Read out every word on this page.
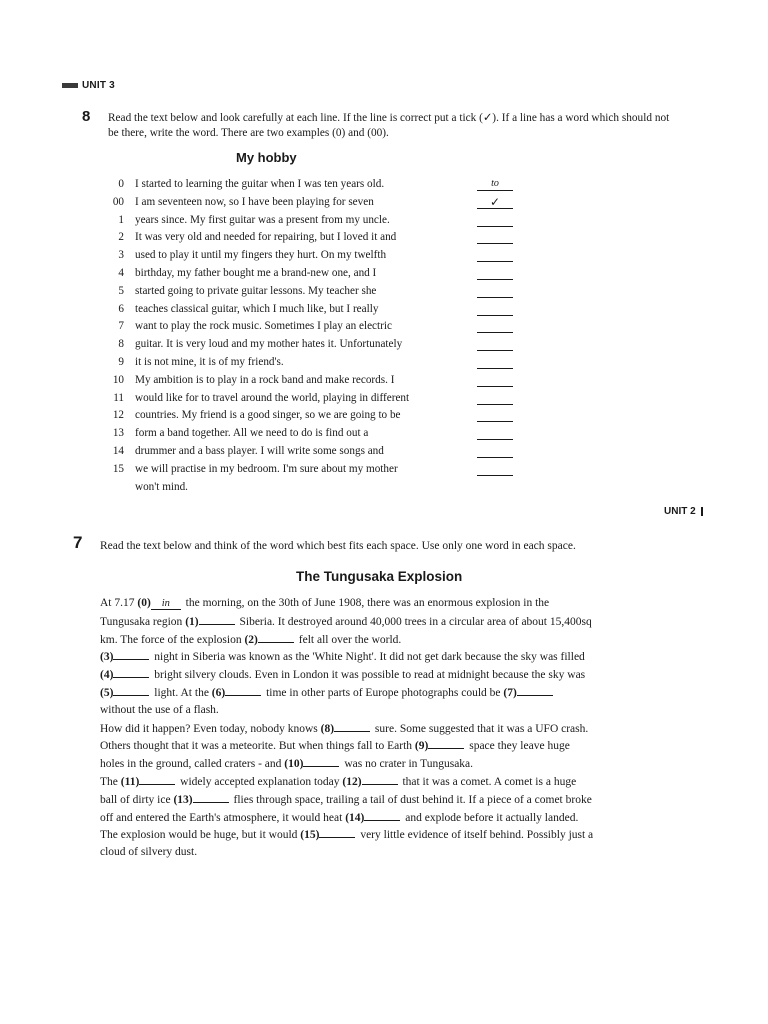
UNIT 3
8 Read the text below and look carefully at each line. If the line is correct put a tick (✓). If a line has a word which should not be there, write the word. There are two examples (0) and (00).
My hobby
0 I started to learning the guitar when I was ten years old.	to
00 I am seventeen now, so I have been playing for seven	✓
1 years since. My first guitar was a present from my uncle.
2 It was very old and needed for repairing, but I loved it and
3 used to play it until my fingers they hurt. On my twelfth
4 birthday, my father bought me a brand-new one, and I
5 started going to private guitar lessons. My teacher she
6 teaches classical guitar, which I much like, but I really
7 want to play the rock music. Sometimes I play an electric
8 guitar. It is very loud and my mother hates it. Unfortunately
9 it is not mine, it is of my friend's.
10 My ambition is to play in a rock band and make records. I
11 would like for to travel around the world, playing in different
12 countries. My friend is a good singer, so we are going to be
13 form a band together. All we need to do is find out a
14 drummer and a bass player. I will write some songs and
15 we will practise in my bedroom. I'm sure about my mother
won't mind.
UNIT 2
7 Read the text below and think of the word which best fits each space. Use only one word in each space.
The Tungusaka Explosion
At 7.17 (0) in the morning, on the 30th of June 1908, there was an enormous explosion in the
Tungusaka region (1)	Siberia. It destroyed around 40,000 trees in a circular area of about 15,400sq
km. The force of the explosion (2)	felt all over the world.
(3)	night in Siberia was known as the 'White Night'. It did not get dark because the sky was filled
(4)	bright silvery clouds. Even in London it was possible to read at midnight because the sky was
(5)	light. At the (6)	time in other parts of Europe photographs could be (7)
without the use of a flash.
How did it happen? Even today, nobody knows (8)	sure. Some suggested that it was a UFO crash.
Others thought that it was a meteorite. But when things fall to Earth (9)	space they leave huge
holes in the ground, called craters - and (10)	was no crater in Tungusaka.
The (11)	widely accepted explanation today (12)	that it was a comet. A comet is a huge
ball of dirty ice (13)	flies through space, trailing a tail of dust behind it. If a piece of a comet broke
off and entered the Earth's atmosphere, it would heat (14)	and explode before it actually landed.
The explosion would be huge, but it would (15)	very little evidence of itself behind. Possibly just a
cloud of silvery dust.
